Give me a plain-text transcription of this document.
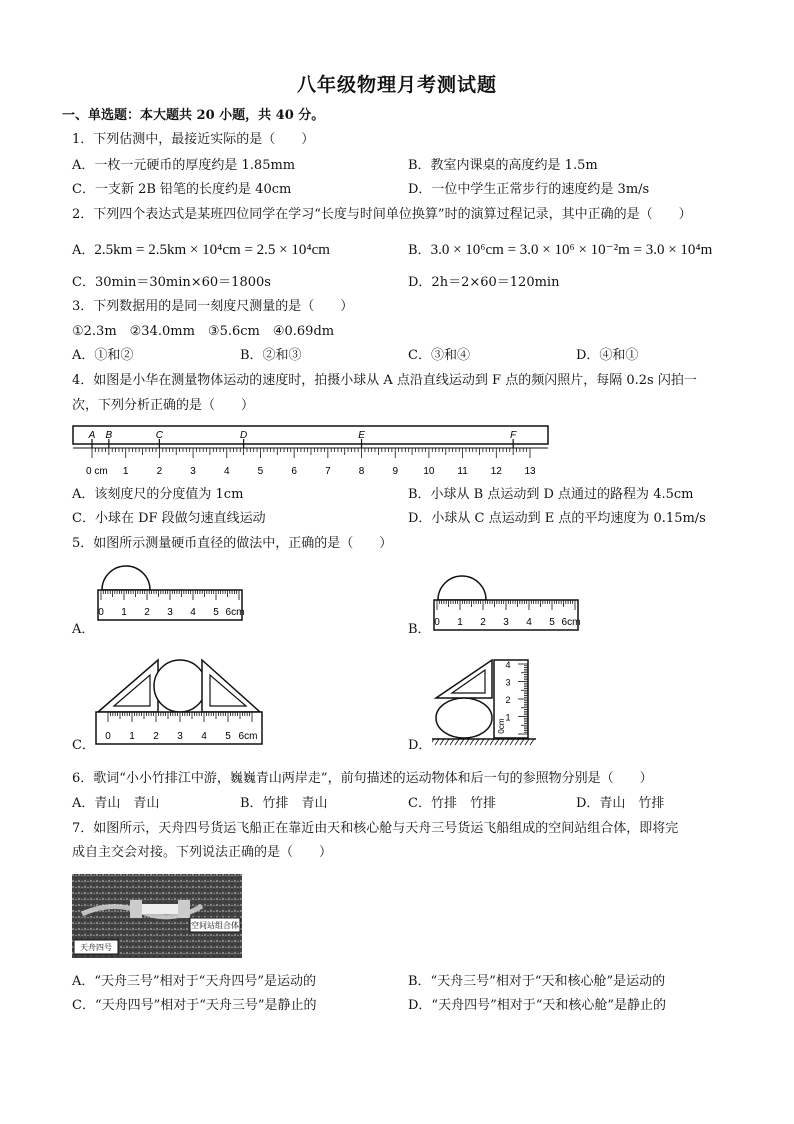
八年级物理月考测试题
一、单选题：本大题共 20 小题，共 40 分。
1．下列估测中，最接近实际的是（　　）
A．一枚一元硬币的厚度约是 1.85mm	B．教室内课桌的高度约是 1.5m
C．一支新 2B 铅笔的长度约是 40cm	D．一位中学生正常步行的速度约是 3m/s
2．下列四个表达式是某班四位同学在学习“长度与时间单位换算”时的演算过程记录，其中正确的是（　　）
A．2.5km = 2.5km × 10⁴cm = 2.5 × 10⁴cm	B．3.0 × 10⁶cm = 3.0 × 10⁶ × 10⁻²m = 3.0 × 10⁴m
C．30min＝30min×60＝1800s	D．2h＝2×60＝120min
3．下列数据用的是同一刻度尺测量的是（　　）
①2.3m　②34.0mm　③5.6cm　④0.69dm
A．①和②	B．②和③	C．③和④	D．④和①
4．如图是小华在测量物体运动的速度时，拍摄小球从 A 点沿直线运动到 F 点的频闪照片，每隔 0.2s 闪拍一
次，下列分析正确的是（　　）
A B	C	D	E	F
0 cm 1	2	3	4	5	6	7	8	9	10 11 12 13
A．该刻度尺的分度值为 1cm	B．小球从 B 点运动到 D 点通过的路程为 4.5cm
C．小球在 DF 段做匀速直线运动	D．小球从 C 点运动到 E 点的平均速度为 0.15m/s
5．如图所示测量硬币直径的做法中，正确的是（　　）
0 1 2 3 4 5 6cm
A．	0 1 2 3 4 5 6cm
B．
0 1 2 3 4 5 6cm
C．
4
3
2
1
0cm
D．
6．歌词“小小竹排江中游，巍巍青山两岸走”，前句描述的运动物体和后一句的参照物分别是（　　）
A．青山　青山	B．竹排　青山	C．竹排　竹排	D．青山　竹排
7．如图所示，天舟四号货运飞船正在靠近由天和核心舱与天舟三号货运飞船组成的空间站组合体，即将完
成自主交会对接。下列说法正确的是（　　）
空间站组合体
天舟四号
A．“天舟三号”相对于“天舟四号”是运动的	B．“天舟三号”相对于“天和核心舱”是运动的
C．“天舟四号”相对于“天舟三号”是静止的	D．“天舟四号”相对于“天和核心舱”是静止的
